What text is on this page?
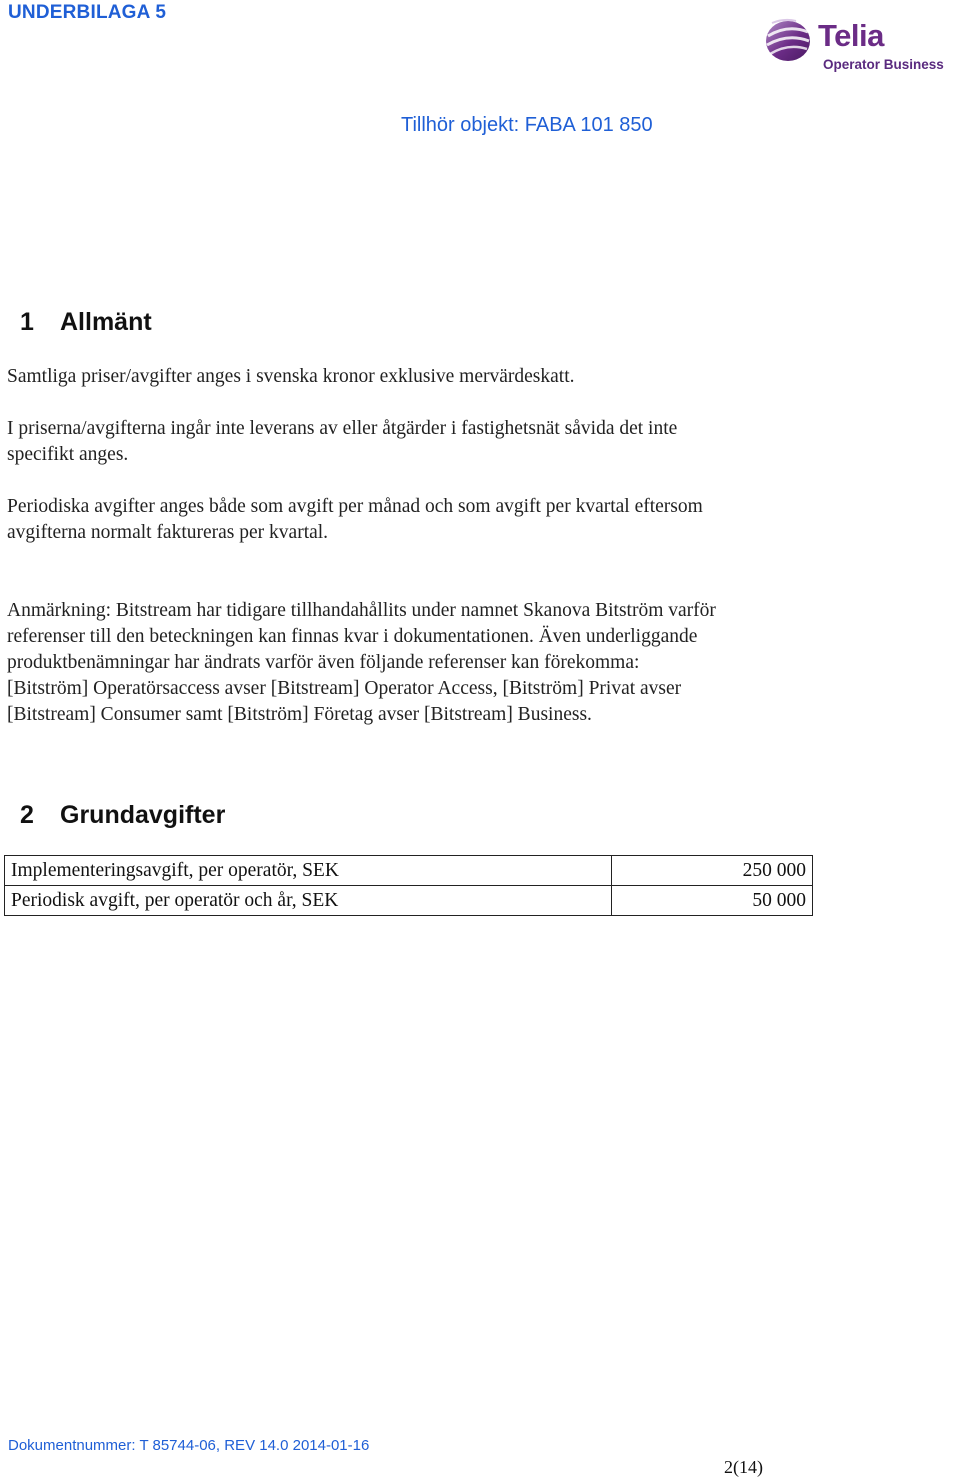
UNDERBILAGA 5
Telia
Operator Business
Tillhör objekt: FABA 101 850
1 Allmänt

Samtliga priser/avgifter anges i svenska kronor exklusive mervärdeskatt.

I priserna/avgifterna ingår inte leverans av eller åtgärder i fastighetsnät såvida det inte specifikt anges.

Periodiska avgifter anges både som avgift per månad och som avgift per kvartal eftersom avgifterna normalt faktureras per kvartal.

Anmärkning: Bitstream har tidigare tillhandahållits under namnet Skanova Bitström varför referenser till den beteckningen kan finnas kvar i dokumentationen. Även underliggande produktbenämningar har ändrats varför även följande referenser kan förekomma: [Bitström] Operatörsaccess avser [Bitstream] Operator Access, [Bitström] Privat avser [Bitstream] Consumer samt [Bitström] Företag avser [Bitstream] Business.

2 Grundavgifter
Implementeringsavgift, per operatör, SEK	250 000
Periodisk avgift, per operatör och år, SEK	50 000
Dokumentnummer: T 85744-06, REV 14.0 2014-01-16
2(14)
